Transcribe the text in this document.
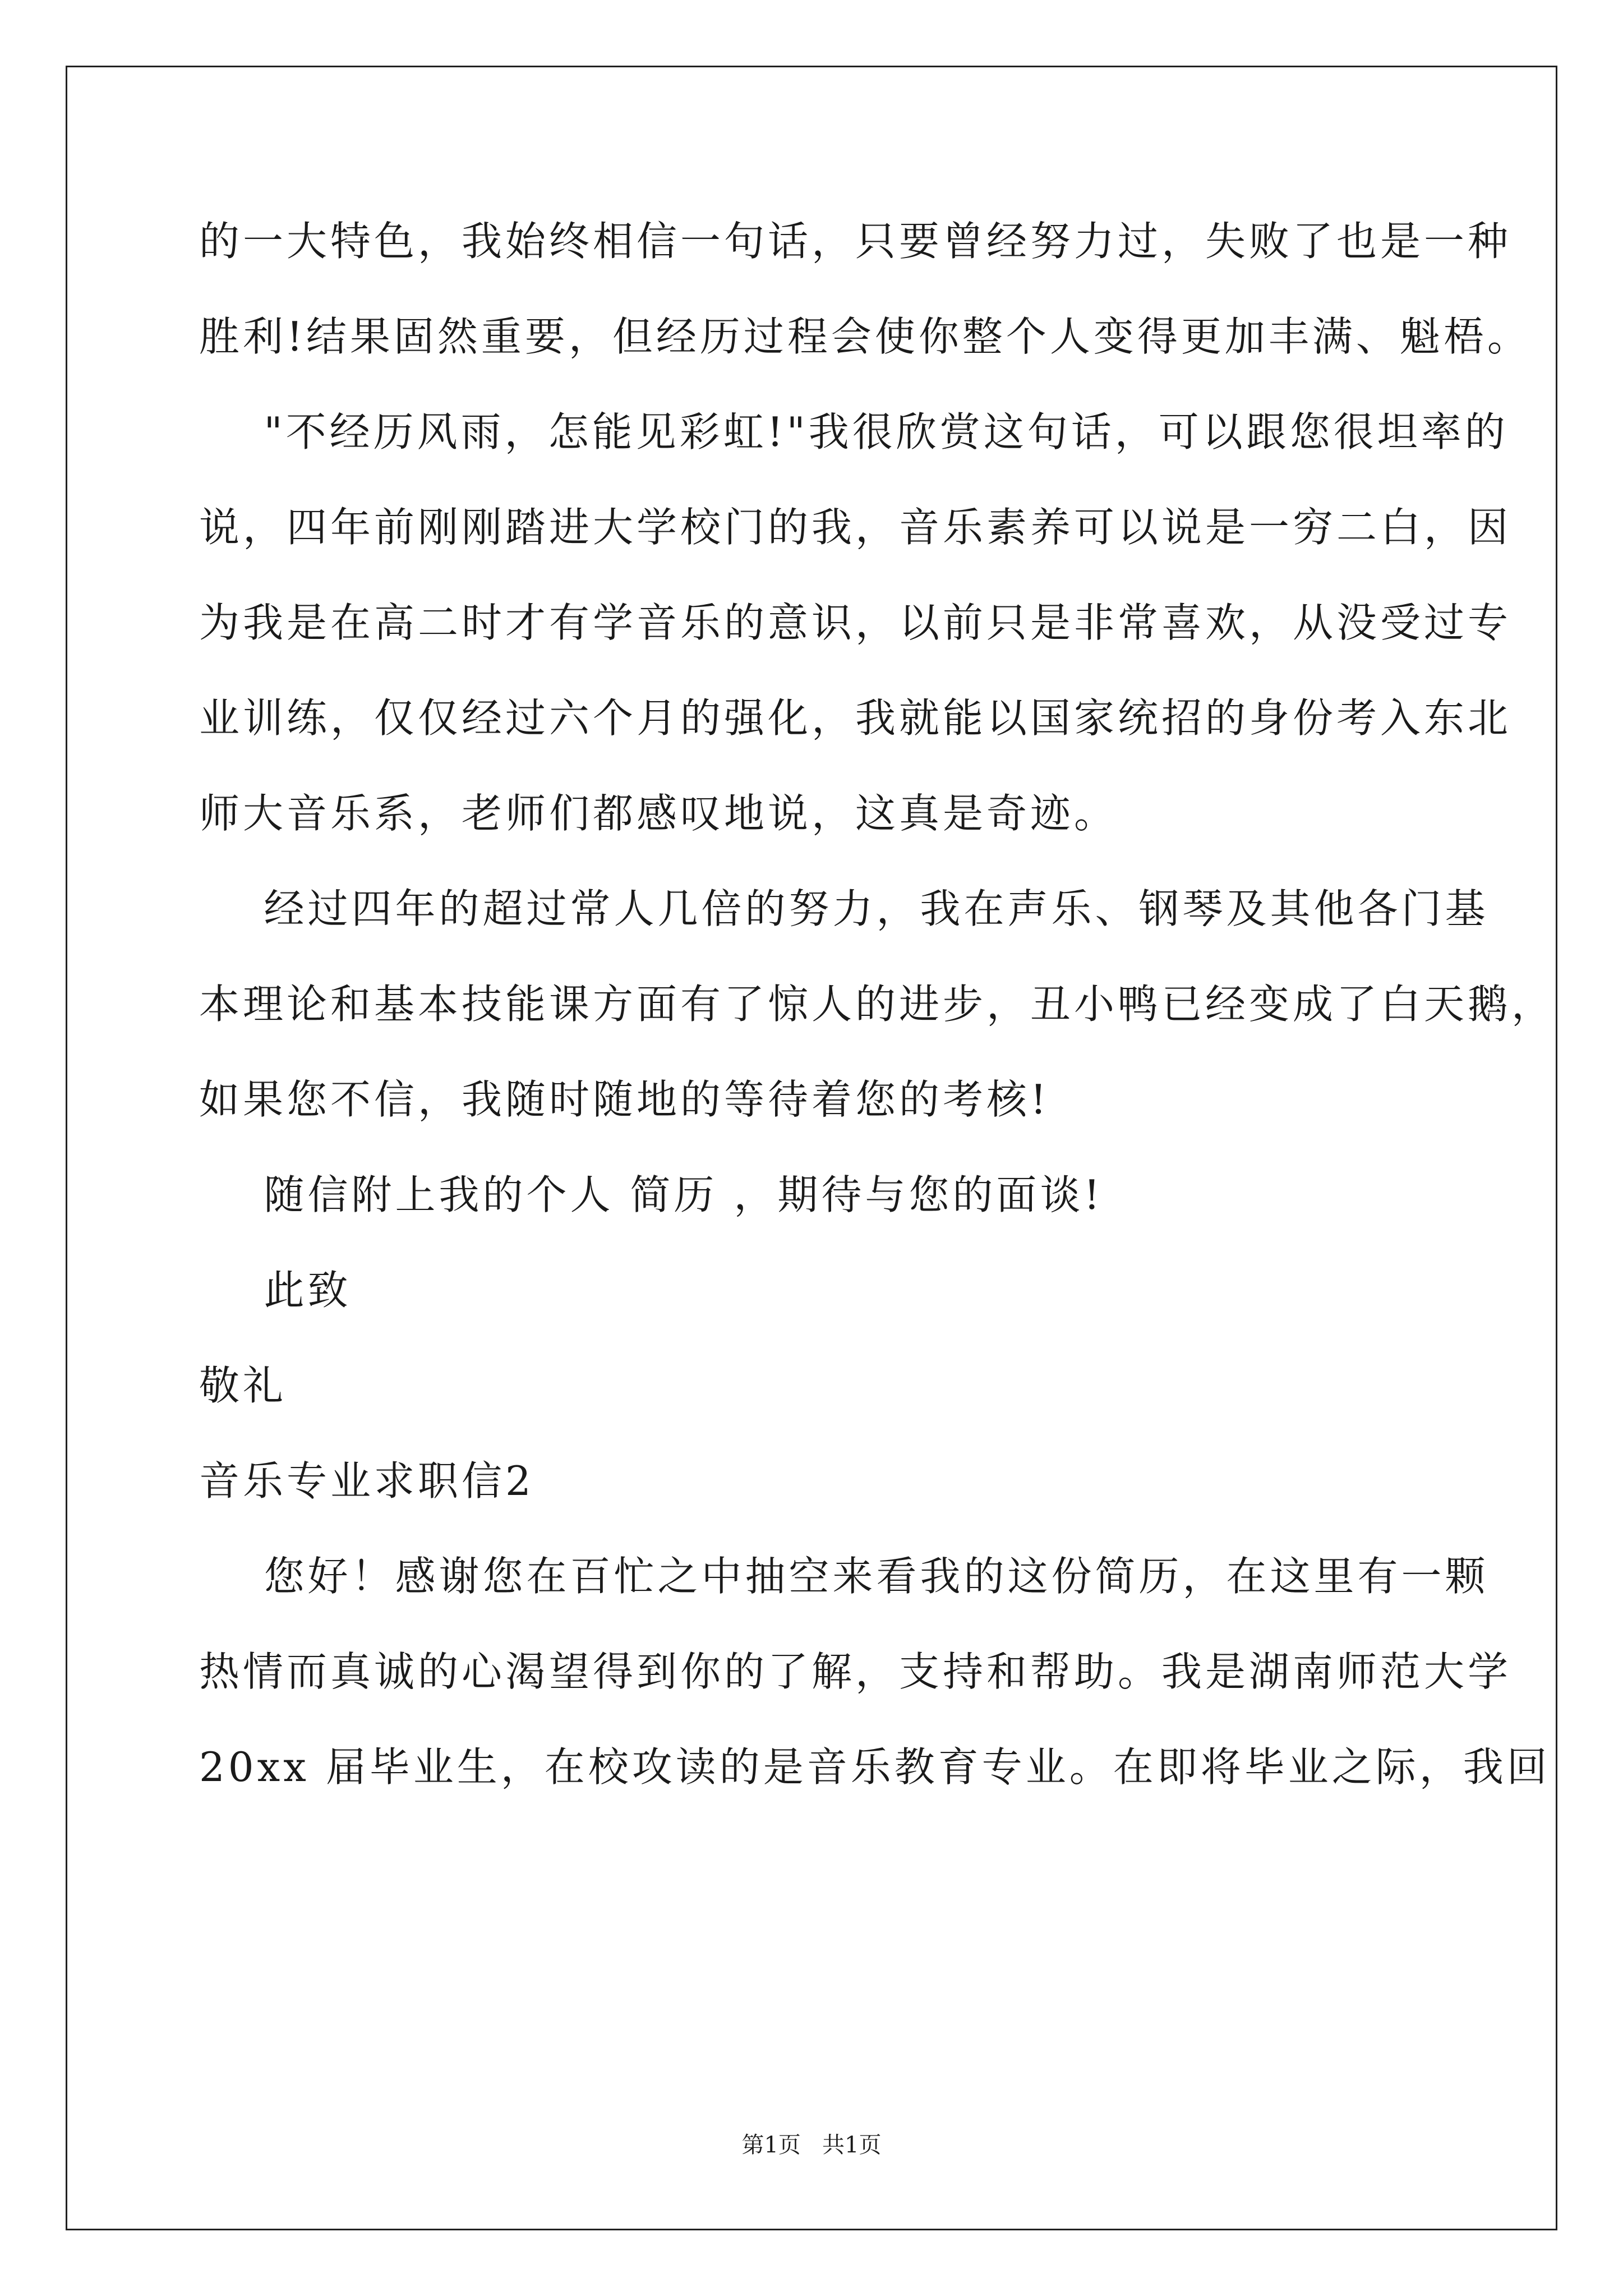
的一大特色，我始终相信一句话，只要曾经努力过，失败了也是一种
胜利!结果固然重要，但经历过程会使你整个人变得更加丰满、魁梧。
"不经历风雨，怎能见彩虹!"我很欣赏这句话，可以跟您很坦率的
说，四年前刚刚踏进大学校门的我，音乐素养可以说是一穷二白，因
为我是在高二时才有学音乐的意识，以前只是非常喜欢，从没受过专
业训练，仅仅经过六个月的强化，我就能以国家统招的身份考入东北
师大音乐系，老师们都感叹地说，这真是奇迹。
经过四年的超过常人几倍的努力，我在声乐、钢琴及其他各门基
本理论和基本技能课方面有了惊人的进步，丑小鸭已经变成了白天鹅，
如果您不信，我随时随地的等待着您的考核!
随信附上我的个人 简历 ，期待与您的面谈!
此致
敬礼
音乐专业求职信2
您好！感谢您在百忙之中抽空来看我的这份简历，在这里有一颗
热情而真诚的心渴望得到你的了解，支持和帮助。我是湖南师范大学
20xx 届毕业生，在校攻读的是音乐教育专业。在即将毕业之际，我回
第1页   共1页
